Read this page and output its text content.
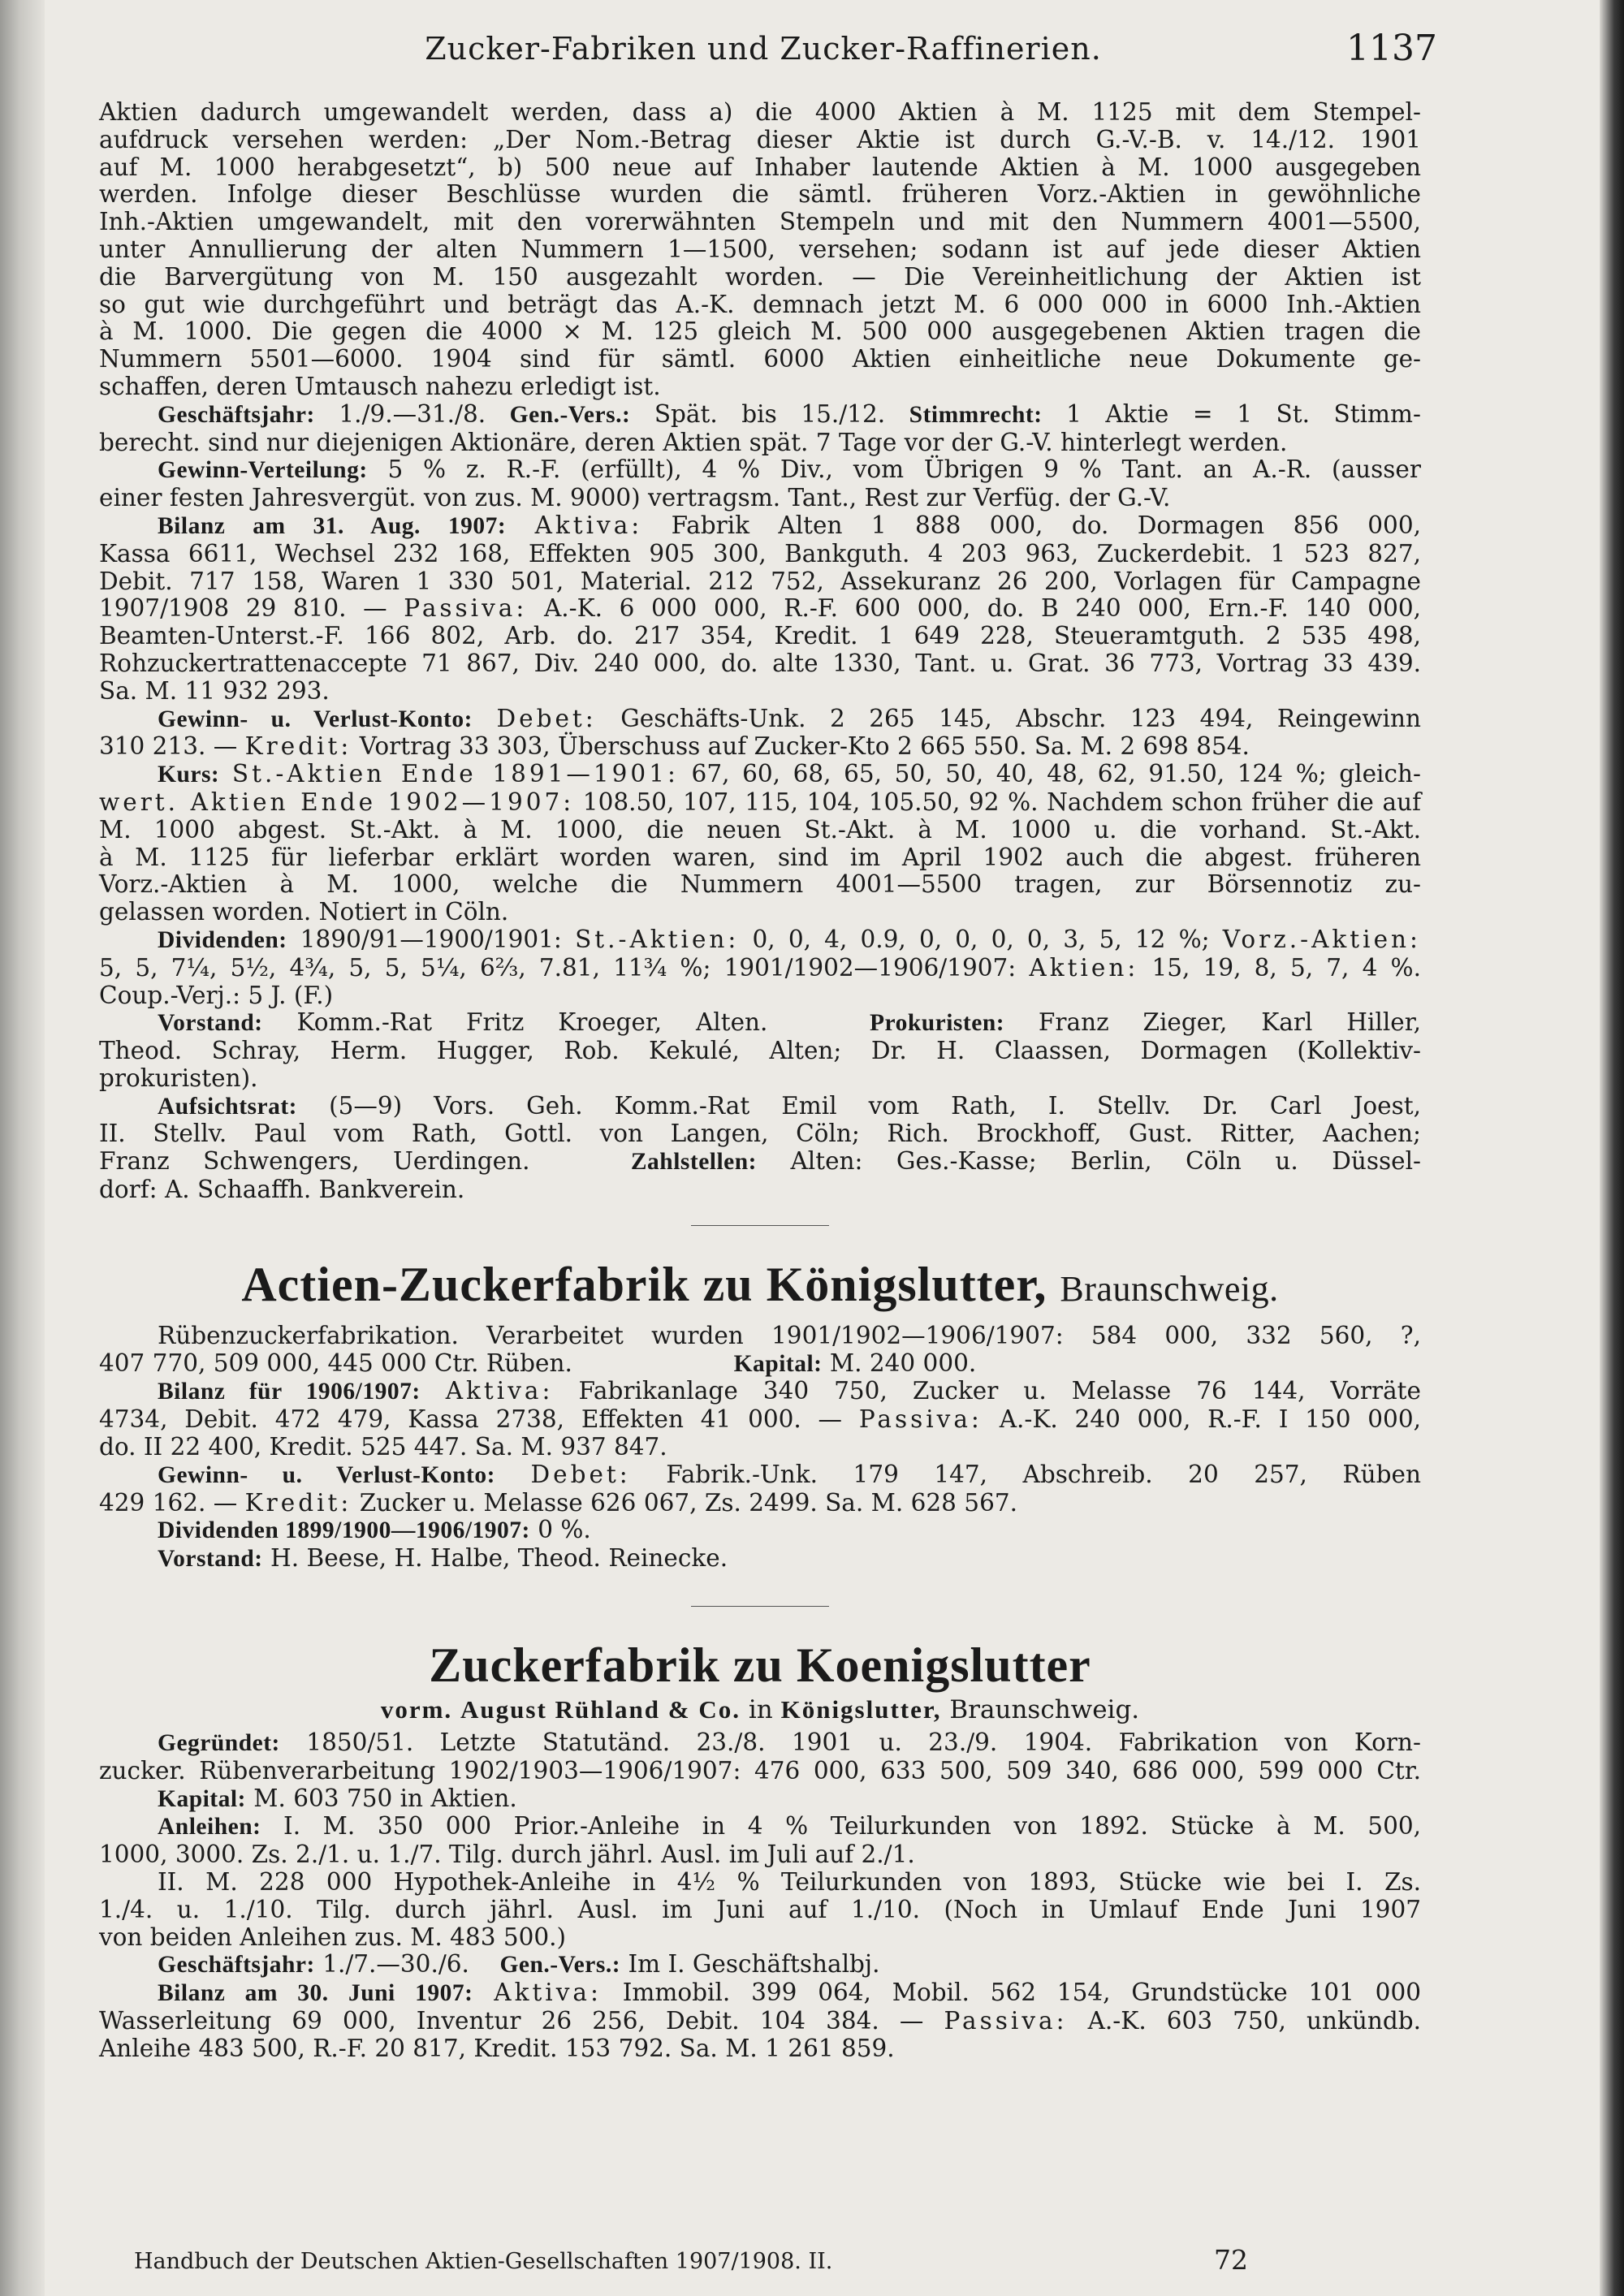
Zucker-Fabriken und Zucker-Raffinerien.	1137

Aktien dadurch umgewandelt werden, dass a) die 4000 Aktien à M. 1125 mit dem Stempel-

aufdruck versehen werden: „Der Nom.-Betrag dieser Aktie ist durch G.-V.-B. v. 14./12. 1901

auf M. 1000 herabgesetzt“, b) 500 neue auf Inhaber lautende Aktien à M. 1000 ausgegeben

werden. Infolge dieser Beschlüsse wurden die sämtl. früheren Vorz.-Aktien in gewöhnliche

Inh.-Aktien umgewandelt, mit den vorerwähnten Stempeln und mit den Nummern 4001—5500,

unter Annullierung der alten Nummern 1—1500, versehen; sodann ist auf jede dieser Aktien

die Barvergütung von M. 150 ausgezahlt worden. — Die Vereinheitlichung der Aktien ist

so gut wie durchgeführt und beträgt das A.-K. demnach jetzt M. 6 000 000 in 6000 Inh.-Aktien

à M. 1000. Die gegen die 4000 × M. 125 gleich M. 500 000 ausgegebenen Aktien tragen die

Nummern 5501—6000. 1904 sind für sämtl. 6000 Aktien einheitliche neue Dokumente ge-

schaffen, deren Umtausch nahezu erledigt ist.

Geschäftsjahr: 1./9.—31./8. Gen.-Vers.: Spät. bis 15./12. Stimmrecht: 1 Aktie = 1 St. Stimm-

berecht. sind nur diejenigen Aktionäre, deren Aktien spät. 7 Tage vor der G.-V. hinterlegt werden.

Gewinn-Verteilung: 5 % z. R.-F. (erfüllt), 4 % Div., vom Übrigen 9 % Tant. an A.-R. (ausser

einer festen Jahresvergüt. von zus. M. 9000) vertragsm. Tant., Rest zur Verfüg. der G.-V.

Bilanz am 31. Aug. 1907: Aktiva: Fabrik Alten 1 888 000, do. Dormagen 856 000,

Kassa 6611, Wechsel 232 168, Effekten 905 300, Bankguth. 4 203 963, Zuckerdebit. 1 523 827,

Debit. 717 158, Waren 1 330 501, Material. 212 752, Assekuranz 26 200, Vorlagen für Campagne

1907/1908 29 810. — Passiva: A.-K. 6 000 000, R.-F. 600 000, do. B 240 000, Ern.-F. 140 000,

Beamten-Unterst.-F. 166 802, Arb. do. 217 354, Kredit. 1 649 228, Steueramtguth. 2 535 498,

Rohzuckertrattenaccepte 71 867, Div. 240 000, do. alte 1330, Tant. u. Grat. 36 773, Vortrag 33 439.

Sa. M. 11 932 293.

Gewinn- u. Verlust-Konto: Debet: Geschäfts-Unk. 2 265 145, Abschr. 123 494, Reingewinn

310 213. — Kredit: Vortrag 33 303, Überschuss auf Zucker-Kto 2 665 550. Sa. M. 2 698 854.

Kurs: St.-Aktien Ende 1891—1901: 67, 60, 68, 65, 50, 50, 40, 48, 62, 91.50, 124 %; gleich-

wert. Aktien Ende 1902—1907: 108.50, 107, 115, 104, 105.50, 92 %. Nachdem schon früher die auf

M. 1000 abgest. St.-Akt. à M. 1000, die neuen St.-Akt. à M. 1000 u. die vorhand. St.-Akt.

à M. 1125 für lieferbar erklärt worden waren, sind im April 1902 auch die abgest. früheren

Vorz.-Aktien à M. 1000, welche die Nummern 4001—5500 tragen, zur Börsennotiz zu-

gelassen worden. Notiert in Cöln.

Dividenden: 1890/91—1900/1901: St.-Aktien: 0, 0, 4, 0.9, 0, 0, 0, 0, 3, 5, 12 %; Vorz.-Aktien:

5, 5, 7¼, 5½, 4¾, 5, 5, 5¼, 6⅔, 7.81, 11¾ %; 1901/1902—1906/1907: Aktien: 15, 19, 8, 5, 7, 4 %.

Coup.-Verj.: 5 J. (F.)

Vorstand: Komm.-Rat Fritz Kroeger, Alten.	Prokuristen: Franz Zieger, Karl Hiller,

Theod. Schray, Herm. Hugger, Rob. Kekulé, Alten; Dr. H. Claassen, Dormagen (Kollektiv-

prokuristen).

Aufsichtsrat: (5—9) Vors. Geh. Komm.-Rat Emil vom Rath, I. Stellv. Dr. Carl Joest,

II. Stellv. Paul vom Rath, Gottl. von Langen, Cöln; Rich. Brockhoff, Gust. Ritter, Aachen;

Franz Schwengers, Uerdingen.	Zahlstellen: Alten: Ges.-Kasse; Berlin, Cöln u. Düssel-

dorf: A. Schaaffh. Bankverein.

Actien-Zuckerfabrik zu Königslutter, Braunschweig.

Rübenzuckerfabrikation. Verarbeitet wurden 1901/1902—1906/1907: 584 000, 332 560, ?,

407 770, 509 000, 445 000 Ctr. Rüben.	Kapital: M. 240 000.

Bilanz für 1906/1907: Aktiva: Fabrikanlage 340 750, Zucker u. Melasse 76 144, Vorräte

4734, Debit. 472 479, Kassa 2738, Effekten 41 000. — Passiva: A.-K. 240 000, R.-F. I 150 000,

do. II 22 400, Kredit. 525 447. Sa. M. 937 847.

Gewinn- u. Verlust-Konto: Debet: Fabrik.-Unk. 179 147, Abschreib. 20 257, Rüben

429 162. — Kredit: Zucker u. Melasse 626 067, Zs. 2499. Sa. M. 628 567.

Dividenden 1899/1900—1906/1907: 0 %.

Vorstand: H. Beese, H. Halbe, Theod. Reinecke.

Zuckerfabrik zu Koenigslutter

vorm. August Rühland & Co. in Königslutter, Braunschweig.

Gegründet: 1850/51. Letzte Statutänd. 23./8. 1901 u. 23./9. 1904. Fabrikation von Korn-

zucker. Rübenverarbeitung 1902/1903—1906/1907: 476 000, 633 500, 509 340, 686 000, 599 000 Ctr.

Kapital: M. 603 750 in Aktien.

Anleihen: I. M. 350 000 Prior.-Anleihe in 4 % Teilurkunden von 1892. Stücke à M. 500,

1000, 3000. Zs. 2./1. u. 1./7. Tilg. durch jährl. Ausl. im Juli auf 2./1.

II. M. 228 000 Hypothek-Anleihe in 4½ % Teilurkunden von 1893, Stücke wie bei I. Zs.

1./4. u. 1./10. Tilg. durch jährl. Ausl. im Juni auf 1./10. (Noch in Umlauf Ende Juni 1907

von beiden Anleihen zus. M. 483 500.)

Geschäftsjahr: 1./7.—30./6. Gen.-Vers.: Im I. Geschäftshalbj.

Bilanz am 30. Juni 1907: Aktiva: Immobil. 399 064, Mobil. 562 154, Grundstücke 101 000

Wasserleitung 69 000, Inventur 26 256, Debit. 104 384. — Passiva: A.-K. 603 750, unkündb.

Anleihe 483 500, R.-F. 20 817, Kredit. 153 792. Sa. M. 1 261 859.

Handbuch der Deutschen Aktien-Gesellschaften 1907/1908. II.	72
